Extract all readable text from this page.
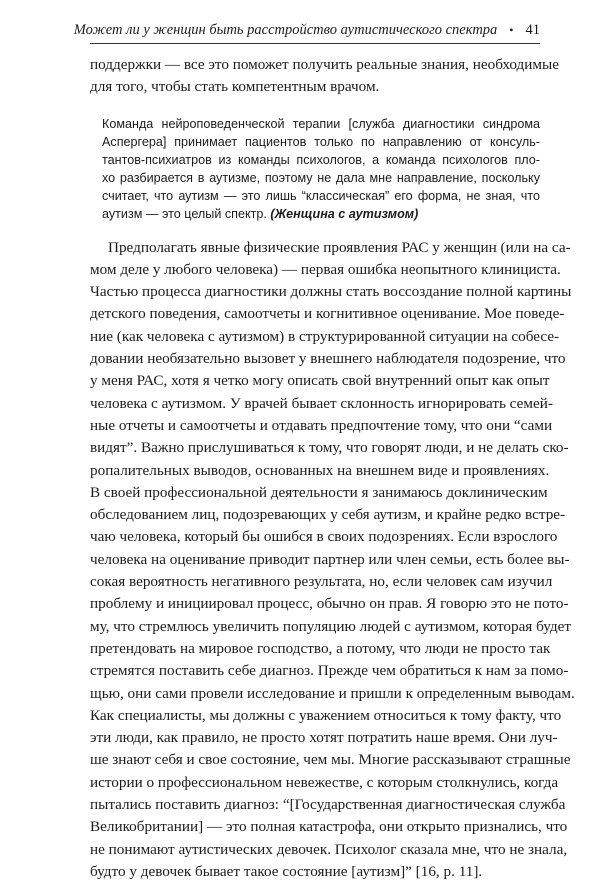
Может ли у женщин быть расстройство аутистического спектра • 41
поддержки — все это поможет получить реальные знания, необходимые
для того, чтобы стать компетентным врачом.
Команда нейроповеденческой терапии [служба диагностики синдрома
Аспергера] принимает пациентов только по направлению от консуль-
тантов-психиатров из команды психологов, а команда психологов пло-
хо разбирается в аутизме, поэтому не дала мне направление, поскольку
считает, что аутизм — это лишь “классическая” его форма, не зная, что
аутизм — это целый спектр. (Женщина с аутизмом)
Предполагать явные физические проявления РАС у женщин (или на са-
мом деле у любого человека) — первая ошибка неопытного клинициста.
Частью процесса диагностики должны стать воссоздание полной картины
детского поведения, самоотчеты и когнитивное оценивание. Мое поведе-
ние (как человека с аутизмом) в структурированной ситуации на собесе-
довании необязательно вызовет у внешнего наблюдателя подозрение, что
у меня РАС, хотя я четко могу описать свой внутренний опыт как опыт
человека с аутизмом. У врачей бывает склонность игнорировать семей-
ные отчеты и самоотчеты и отдавать предпочтение тому, что они “сами
видят”. Важно прислушиваться к тому, что говорят люди, и не делать ско-
ропалительных выводов, основанных на внешнем виде и проявлениях.
В своей профессиональной деятельности я занимаюсь доклиническим
обследованием лиц, подозревающих у себя аутизм, и крайне редко встре-
чаю человека, который бы ошибся в своих подозрениях. Если взрослого
человека на оценивание приводит партнер или член семьи, есть более вы-
сокая вероятность негативного результата, но, если человек сам изучил
проблему и инициировал процесс, обычно он прав. Я говорю это не пото-
му, что стремлюсь увеличить популяцию людей с аутизмом, которая будет
претендовать на мировое господство, а потому, что люди не просто так
стремятся поставить себе диагноз. Прежде чем обратиться к нам за помо-
щью, они сами провели исследование и пришли к определенным выводам.
Как специалисты, мы должны с уважением относиться к тому факту, что
эти люди, как правило, не просто хотят потратить наше время. Они луч-
ше знают себя и свое состояние, чем мы. Многие рассказывают страшные
истории о профессиональном невежестве, с которым столкнулись, когда
пытались поставить диагноз: “[Государственная диагностическая служба
Великобритании] — это полная катастрофа, они открыто признались, что
не понимают аутистических девочек. Психолог сказала мне, что не знала,
будто у девочек бывает такое состояние [аутизм]” [16, p. 11].
